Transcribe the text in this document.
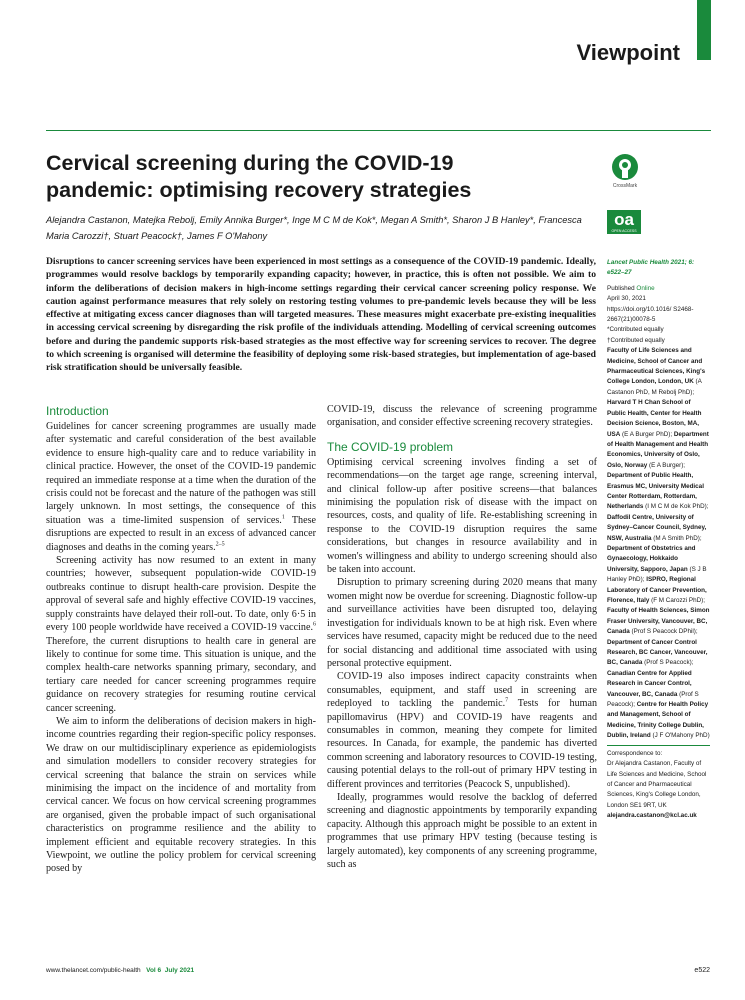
Viewpoint
CrossMark
oa
OPEN ACCESS
Cervical screening during the COVID-19 pandemic: optimising recovery strategies
Alejandra Castanon, Matejka Rebolj, Emily Annika Burger*, Inge M C M de Kok*, Megan A Smith*, Sharon J B Hanley*, Francesca Maria Carozzi†, Stuart Peacock†, James F O'Mahony
Disruptions to cancer screening services have been experienced in most settings as a consequence of the COVID-19 pandemic. Ideally, programmes would resolve backlogs by temporarily expanding capacity; however, in practice, this is often not possible. We aim to inform the deliberations of decision makers in high-income settings regarding their cervical cancer screening policy response. We caution against performance measures that rely solely on restoring testing volumes to pre-pandemic levels because they will be less effective at mitigating excess cancer diagnoses than will targeted measures. These measures might exacerbate pre-existing inequalities in accessing cervical screening by disregarding the risk profile of the individuals attending. Modelling of cervical screening outcomes before and during the pandemic supports risk-based strategies as the most effective way for screening services to recover. The degree to which screening is organised will determine the feasibility of deploying some risk-based strategies, but implementation of age-based risk stratification should be universally feasible.
Introduction

Guidelines for cancer screening programmes are usually made after systematic and careful consideration of the best available evidence to ensure high-quality care and to reduce variability in clinical practice. However, the onset of the COVID-19 pandemic required an immediate response at a time when the duration of the crisis could not be forecast and the nature of the pathogen was still largely unknown. In most settings, the consequence of this situation was a time-limited suspension of services.$^1$ These disruptions are expected to result in an excess of advanced cancer diagnoses and deaths in the coming years.$^{2-5}$

Screening activity has now resumed to an extent in many countries; however, subsequent population-wide COVID-19 outbreaks continue to disrupt health-care provision. Despite the approval of several safe and highly effective COVID-19 vaccines, supply constraints have delayed their roll-out. To date, only 6·5 in every 100 people worldwide have received a COVID-19 vaccine.$^6$ Therefore, the current disruptions to health care in general are likely to continue for some time. This situation is unique, and the complex health-care networks spanning primary, secondary, and tertiary care needed for cancer screening programmes require guidance on recovery strategies for resuming routine cervical cancer screening.

We aim to inform the deliberations of decision makers in high-income countries regarding their region-specific policy responses. We draw on our multidisciplinary experience as epidemiologists and simulation modellers to consider recovery strategies for cervical screening that balance the strain on services while minimising the impact on the incidence of and mortality from cervical cancer. We focus on how cervical screening programmes are organised, given the probable impact of such organisational characteristics on programme resilience and the ability to implement efficient and equitable recovery strategies. In this Viewpoint, we outline the policy problem for cervical screening posed by

COVID-19, discuss the relevance of screening programme organisation, and consider effective screening recovery strategies.

The COVID-19 problem

Optimising cervical screening involves finding a set of recommendations—on the target age range, screening interval, and clinical follow-up after positive screens—that balances minimising the population risk of disease with the impact on resources, costs, and quality of life. Re-establishing screening in response to the COVID-19 disruption requires the same considerations, but changes in resource availability and in women's willingness and ability to undergo screening should also be taken into account.

Disruption to primary screening during 2020 means that many women might now be overdue for screening. Diagnostic follow-up and surveillance activities have been disrupted too, delaying investigation for individuals known to be at high risk. Even where services have resumed, capacity might be reduced due to the need for social distancing and additional time associated with using personal protective equipment.

COVID-19 also imposes indirect capacity constraints when consumables, equipment, and staff used in screening are redeployed to tackling the pandemic.$^7$ Tests for human papillomavirus (HPV) and COVID-19 have reagents and consumables in common, meaning they compete for limited resources. In Canada, for example, the pandemic has diverted common screening and laboratory resources to COVID-19 testing, causing potential delays to the roll-out of primary HPV testing in different provinces and territories (Peacock S, unpublished).

Ideally, programmes would resolve the backlog of deferred screening and diagnostic appointments by temporarily expanding capacity. Although this approach might be possible to an extent in programmes that use primary HPV testing (because testing is largely automated), key components of any screening programme, such as

Lancet Public Health 2021; 6: e522–27
Published Online
April 30, 2021
https://doi.org/10.1016/ S2468-2667(21)00078-5
*Contributed equally
†Contributed equally
Faculty of Life Sciences and Medicine, School of Cancer and Pharmaceutical Sciences, King's College London, London, UK (A Castanon PhD, M Rebolj PhD); Harvard T H Chan School of Public Health, Center for Health Decision Science, Boston, MA, USA (E A Burger PhD); Department of Health Management and Health Economics, University of Oslo, Oslo, Norway (E A Burger); Department of Public Health, Erasmus MC, University Medical Center Rotterdam, Rotterdam, Netherlands (I M C M de Kok PhD); Daffodil Centre, University of Sydney–Cancer Council, Sydney, NSW, Australia (M A Smith PhD); Department of Obstetrics and Gynaecology, Hokkaido University, Sapporo, Japan (S J B Hanley PhD); ISPRO, Regional Laboratory of Cancer Prevention, Florence, Italy (F M Carozzi PhD); Faculty of Health Sciences, Simon Fraser University, Vancouver, BC, Canada (Prof S Peacock DPhil); Department of Cancer Control Research, BC Cancer, Vancouver, BC, Canada (Prof S Peacock); Canadian Centre for Applied Research in Cancer Control, Vancouver, BC, Canada (Prof S Peacock); Centre for Health Policy and Management, School of Medicine, Trinity College Dublin, Dublin, Ireland (J F O'Mahony PhD)
Correspondence to:
Dr Alejandra Castanon, Faculty of Life Sciences and Medicine, School of Cancer and Pharmaceutical Sciences, King's College London, London SE1 9RT, UK
alejandra.castanon@kcl.ac.uk
www.thelancet.com/public-health Vol 6 July 2021	e522
